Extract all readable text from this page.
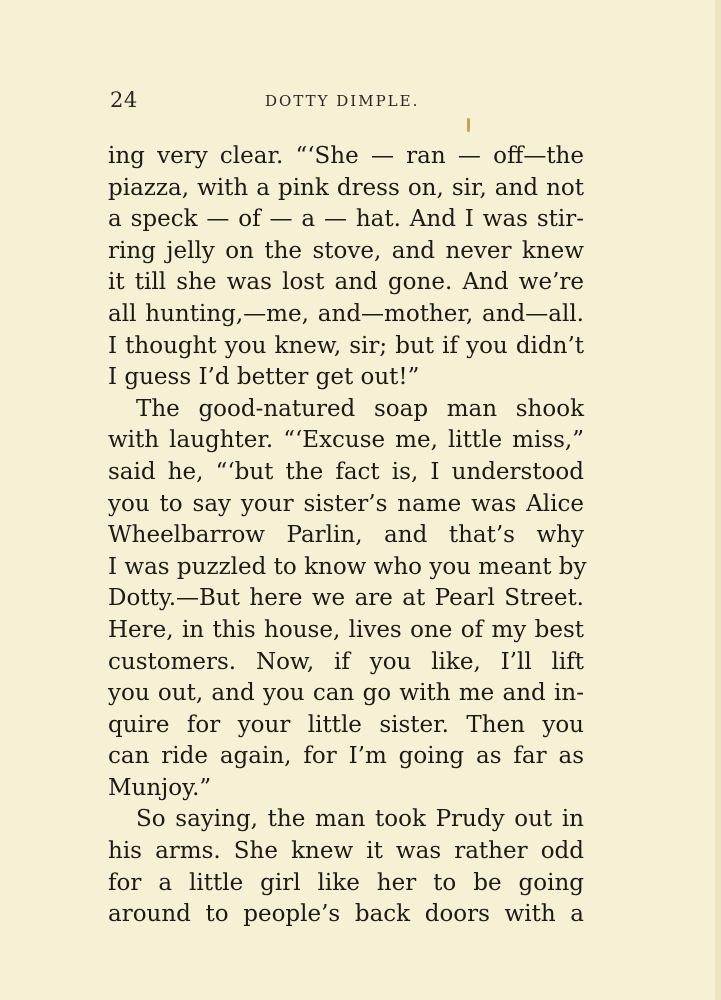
24	DOTTY DIMPLE.
ing very clear. “‘She — ran — off—the
piazza, with a pink dress on, sir, and not
a speck — of — a — hat. And I was stir-
ring jelly on the stove, and never knew
it till she was lost and gone. And we’re
all hunting,—me, and—mother, and—all.
I thought you knew, sir; but if you didn’t
I guess I’d better get out!”
The good-natured soap man shook
with laughter. “‘Excuse me, little miss,”
said he, “‘but the fact is, I understood
you to say your sister’s name was Alice
Wheelbarrow Parlin, and that’s why
I was puzzled to know who you meant by
Dotty.—But here we are at Pearl Street.
Here, in this house, lives one of my best
customers. Now, if you like, I’ll lift
you out, and you can go with me and in-
quire for your little sister. Then you
can ride again, for I’m going as far as
Munjoy.”
So saying, the man took Prudy out in
his arms. She knew it was rather odd
for a little girl like her to be going
around to people’s back doors with a
